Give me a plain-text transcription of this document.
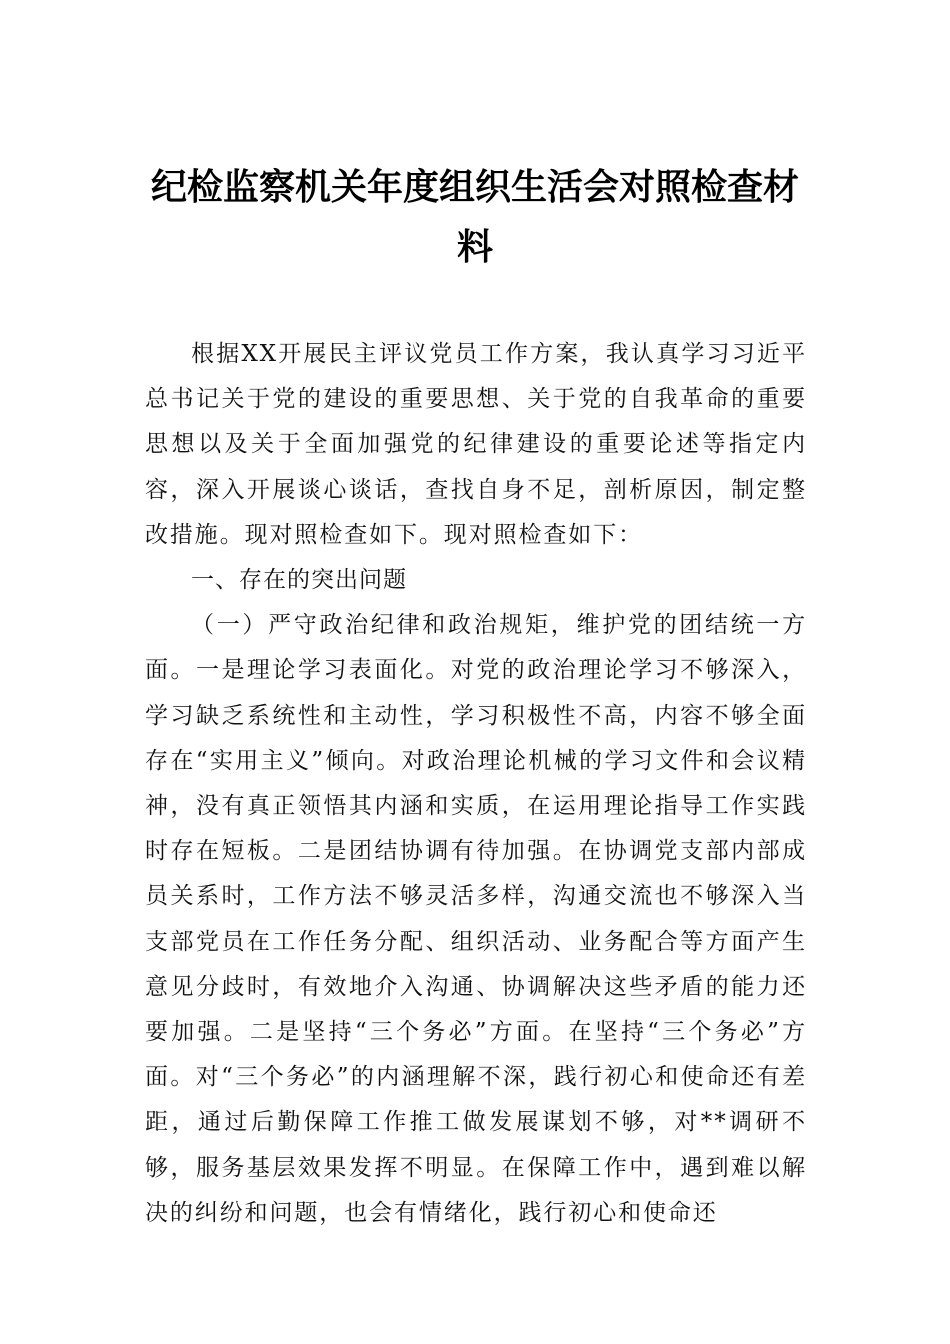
纪检监察机关年度组织生活会对照检查材料

根据XX开展民主评议党员工作方案，我认真学习习近平总书记关于党的建设的重要思想、关于党的自我革命的重要思想以及关于全面加强党的纪律建设的重要论述等指定内容，深入开展谈心谈话，查找自身不足，剖析原因，制定整改措施。现对照检查如下。现对照检查如下：

一、存在的突出问题

（一）严守政治纪律和政治规矩，维护党的团结统一方面。一是理论学习表面化。对党的政治理论学习不够深入，学习缺乏系统性和主动性，学习积极性不高，内容不够全面存在“实用主义”倾向。对政治理论机械的学习文件和会议精神，没有真正领悟其内涵和实质，在运用理论指导工作实践时存在短板。二是团结协调有待加强。在协调党支部内部成员关系时，工作方法不够灵活多样，沟通交流也不够深入当支部党员在工作任务分配、组织活动、业务配合等方面产生意见分歧时，有效地介入沟通、协调解决这些矛盾的能力还要加强。二是坚持“三个务必”方面。在坚持“三个务必”方面。对“三个务必”的内涵理解不深，践行初心和使命还有差距，通过后勤保障工作推工做发展谋划不够，对**调研不够，服务基层效果发挥不明显。在保障工作中，遇到难以解决的纠纷和问题，也会有情绪化，践行初心和使命还
